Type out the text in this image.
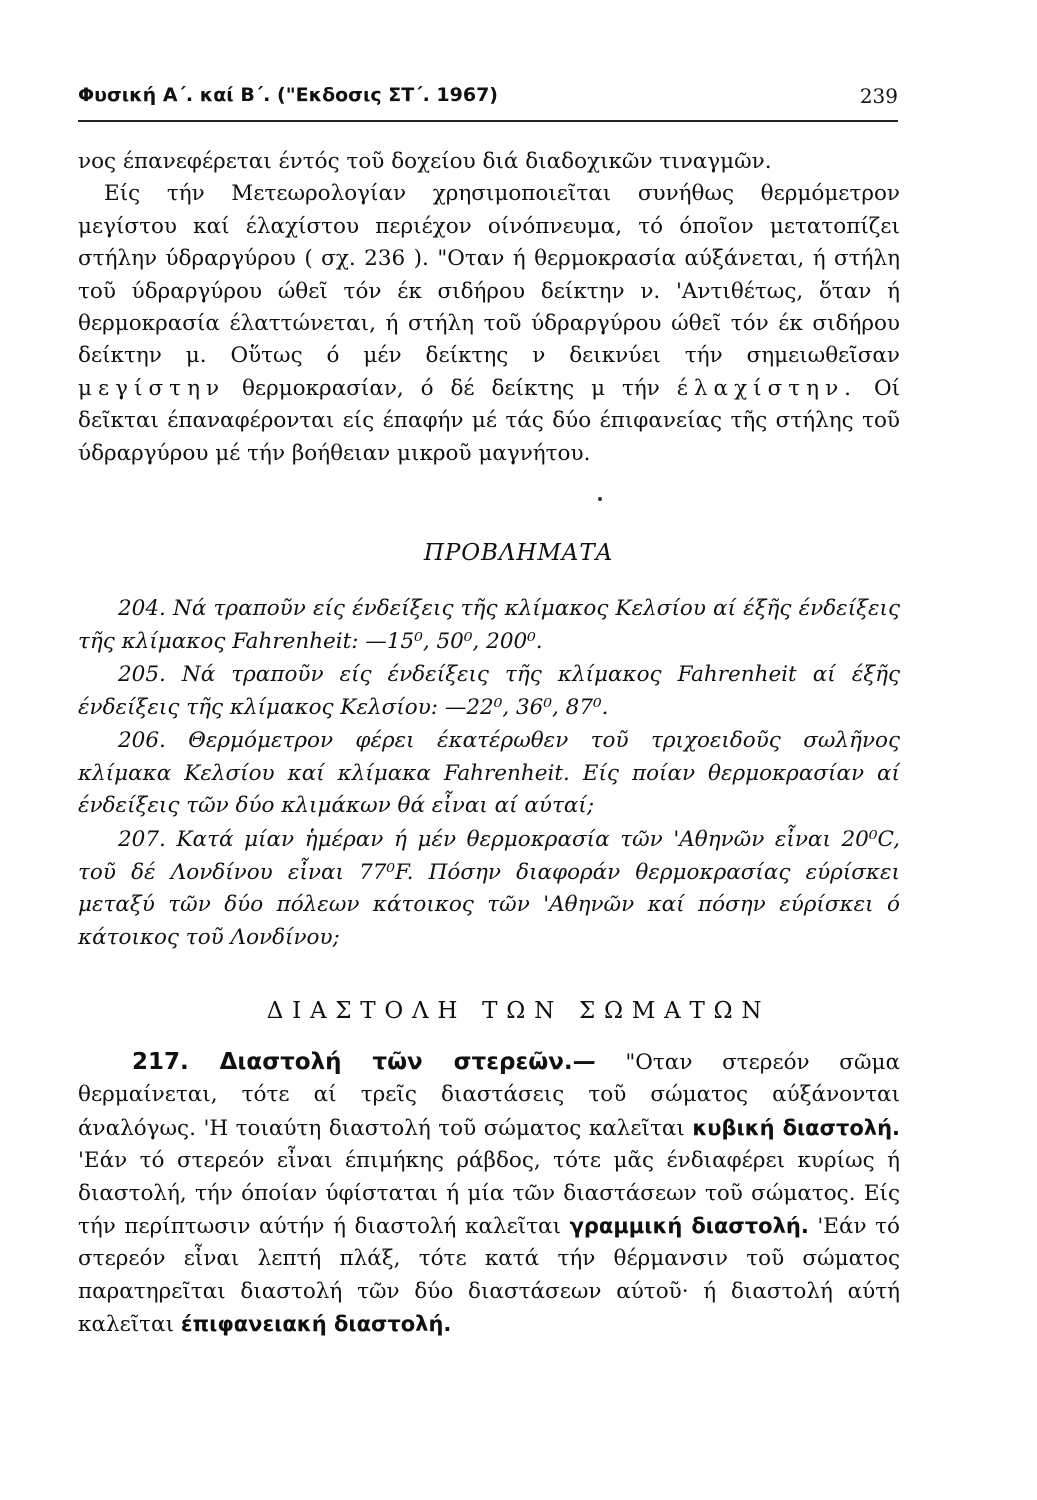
Φυσική Α΄. καί Β΄. ("Εκδοσις ΣΤ΄. 1967)	239

νος έπανεφέρεται έντός τοῦ δοχείου διά διαδοχικῶν τιναγμῶν.
Είς τήν Μετεωρολογίαν χρησιμοποιεῖται συνήθως θερμόμετρον μεγίστου καί έλαχίστου περιέχον οίνόπνευμα, τό όποῖον μετατοπίζει στήλην ύδραργύρου ( σχ. 236 ). "Οταν ή θερμοκρασία αύξάνεται, ή στήλη τοῦ ύδραργύρου ώθεῖ τόν έκ σιδήρου δείκτην ν. 'Αντιθέτως, ὅταν ή θερμοκρασία έλαττώνεται, ή στήλη τοῦ ύδραργύρου ώθεῖ τόν έκ σιδήρου δείκτην μ. Οὕτως ό μέν δείκτης ν δεικνύει τήν σημειωθεῖσαν μεγίστην θερμοκρασίαν, ό δέ δείκτης μ τήν έλαχίστην. Οί δεῖκται έπαναφέρονται είς έπαφήν μέ τάς δύο έπιφανείας τῆς στήλης τοῦ ύδραργύρου μέ τήν βοήθειαν μικροῦ μαγνήτου.

ΠΡΟΒΛΗΜΑΤΑ

204. Νά τραποῦν είς ένδείξεις τῆς κλίμακος Κελσίου αί έξῆς ένδείξεις τῆς κλίμακος Fahrenheit: —15⁰, 50⁰, 200⁰.

205. Νά τραποῦν είς ένδείξεις τῆς κλίμακος Fahrenheit αί έξῆς ένδείξεις τῆς κλίμακος Κελσίου: —22⁰, 36⁰, 87⁰.

206. Θερμόμετρον φέρει έκατέρωθεν τοῦ τριχοειδοῦς σωλῆνος κλίμακα Κελσίου καί κλίμακα Fahrenheit. Είς ποίαν θερμοκρασίαν αί ένδείξεις τῶν δύο κλιμάκων θά εἶναι αί αύταί;

207. Κατά μίαν ἡμέραν ή μέν θερμοκρασία τῶν 'Αθηνῶν εἶναι 20⁰C, τοῦ δέ Λονδίνου εἶναι 77⁰F. Πόσην διαφοράν θερμοκρασίας εύρίσκει μεταξύ τῶν δύο πόλεων κάτοικος τῶν 'Αθηνῶν καί πόσην εύρίσκει ό κάτοικος τοῦ Λονδίνου;

ΔΙΑΣΤΟΛΗ ΤΩΝ ΣΩΜΑΤΩΝ

217. Διαστολή τῶν στερεῶν.— "Οταν στερεόν σῶμα θερμαίνεται, τότε αί τρεῖς διαστάσεις τοῦ σώματος αύξάνονται άναλόγως. 'Η τοιαύτη διαστολή τοῦ σώματος καλεῖται κυβική διαστολή. 'Εάν τό στερεόν εἶναι έπιμήκης ράβδος, τότε μᾶς ένδιαφέρει κυρίως ή διαστολή, τήν όποίαν ύφίσταται ή μία τῶν διαστάσεων τοῦ σώματος. Είς τήν περίπτωσιν αύτήν ή διαστολή καλεῖται γραμμική διαστολή. 'Εάν τό στερεόν εἶναι λεπτή πλάξ, τότε κατά τήν θέρμανσιν τοῦ σώματος παρατηρεῖται διαστολή τῶν δύο διαστάσεων αύτοῦ· ή διαστολή αύτή καλεῖται έπιφανειακή διαστολή.
